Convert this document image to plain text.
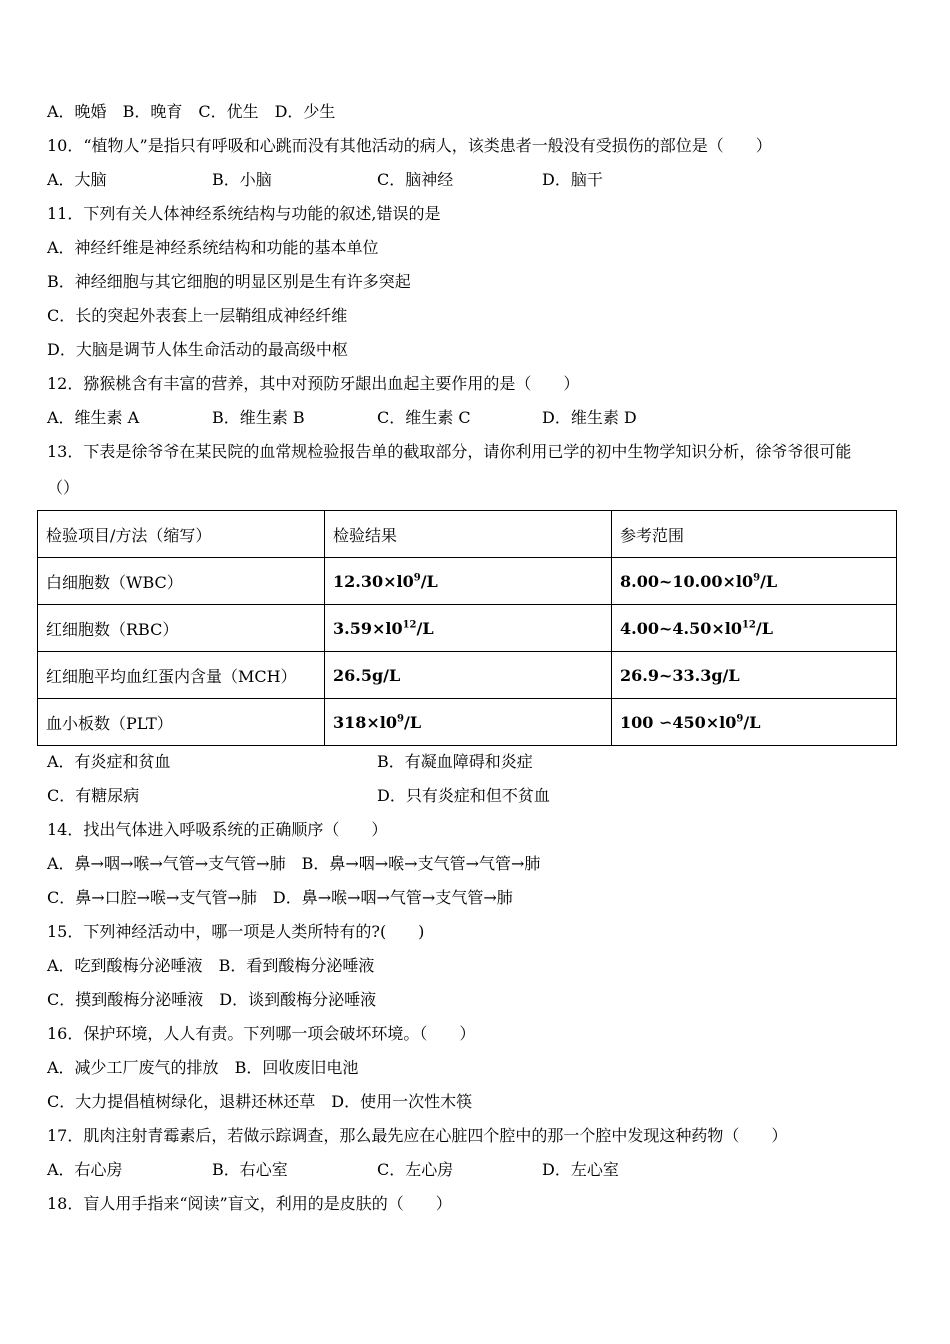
A．晚婚 B．晚育 C．优生 D．少生
10．“植物人”是指只有呼吸和心跳而没有其他活动的病人，该类患者一般没有受损伤的部位是（　　）
A．大脑	B．小脑	C．脑神经	D．脑干
11．下列有关人体神经系统结构与功能的叙述,错误的是
A．神经纤维是神经系统结构和功能的基本单位
B．神经细胞与其它细胞的明显区别是生有许多突起
C．长的突起外表套上一层鞘组成神经纤维
D．大脑是调节人体生命活动的最高级中枢
12．猕猴桃含有丰富的营养，其中对预防牙龈出血起主要作用的是（　　）
A．维生素 A	B．维生素 B	C．维生素 C	D．维生素 D
13．下表是徐爷爷在某民院的血常规检验报告单的截取部分，请你利用已学的初中生物学知识分析，徐爷爷很可能
（）
检验项目/方法（缩写）	检验结果	参考范围
白细胞数（WBC）	$12.30\times l0^9/L$	$8.00\sim 10.00\times l0^9/L$
红细胞数（RBC）	$3.59\times l0^{12}/L$	$4.00\sim 4.50\times l0^{12}/L$
红细胞平均血红蛋内含量（MCH）	26.5g/L	26.9~33.3g/L
血小板数（PLT）	$318\times l0^9/L$	100 $∽450\times l0^9/L$
A．有炎症和贫血	B．有凝血障碍和炎症
C．有糖尿病	D．只有炎症和但不贫血
14．找出气体进入呼吸系统的正确顺序（　　）
A．鼻→咽→喉→气管→支气管→肺 B．鼻→咽→喉→支气管→气管→肺
C．鼻→口腔→喉→支气管→肺 D．鼻→喉→咽→气管→支气管→肺
15．下列神经活动中，哪一项是人类所特有的?(　　)
A．吃到酸梅分泌唾液 B．看到酸梅分泌唾液
C．摸到酸梅分泌唾液 D．谈到酸梅分泌唾液
16．保护环境，人人有责。下列哪一项会破坏环境。（　　）
A．减少工厂废气的排放 B．回收废旧电池
C．大力提倡植树绿化，退耕还林还草 D．使用一次性木筷
17．肌肉注射青霉素后，若做示踪调查，那么最先应在心脏四个腔中的那一个腔中发现这种药物（　　）
A．右心房	B．右心室	C．左心房	D．左心室
18．盲人用手指来“阅读”盲文，利用的是皮肤的（　　）
